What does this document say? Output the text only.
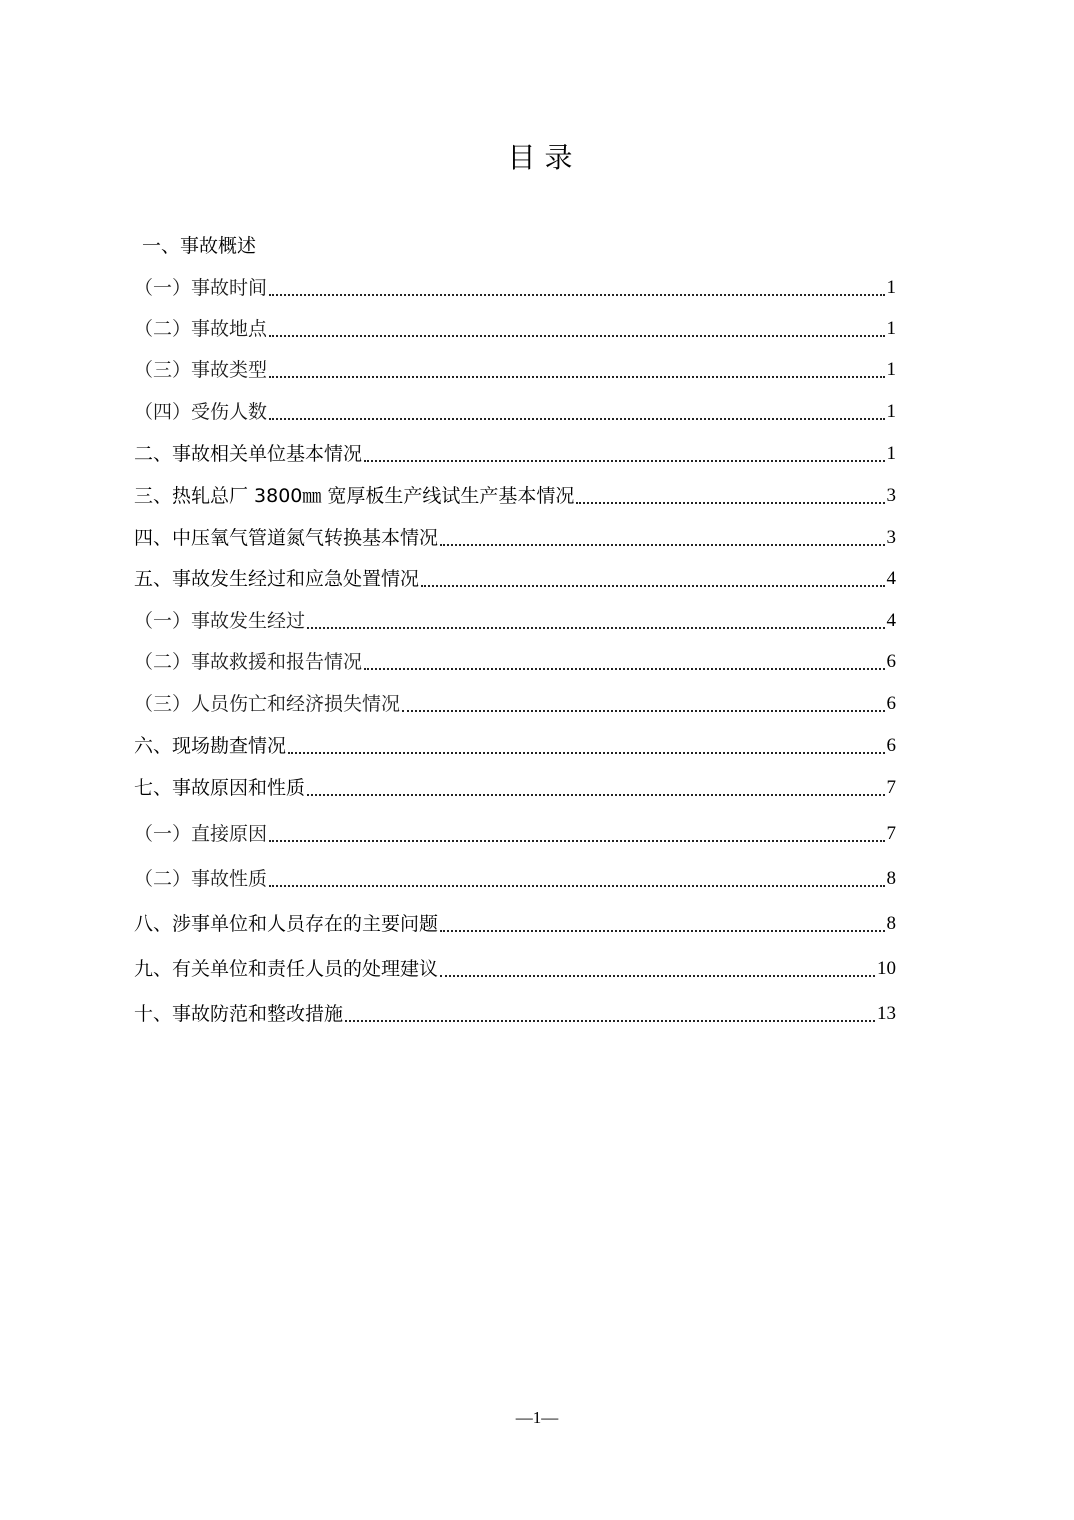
目 录
一、事故概述
（一）事故时间	1
（二）事故地点	1
（三）事故类型	1
（四）受伤人数	1
二、事故相关单位基本情况	1
三、热轧总厂 3800㎜ 宽厚板生产线试生产基本情况	3
四、中压氧气管道氮气转换基本情况	3
五、事故发生经过和应急处置情况	4
（一）事故发生经过	4
（二）事故救援和报告情况	6
（三）人员伤亡和经济损失情况	6
六、现场勘查情况	6
七、事故原因和性质	7
（一）直接原因	7
（二）事故性质	8
八、涉事单位和人员存在的主要问题	8
九、有关单位和责任人员的处理建议	10
十、事故防范和整改措施	13
—1—
